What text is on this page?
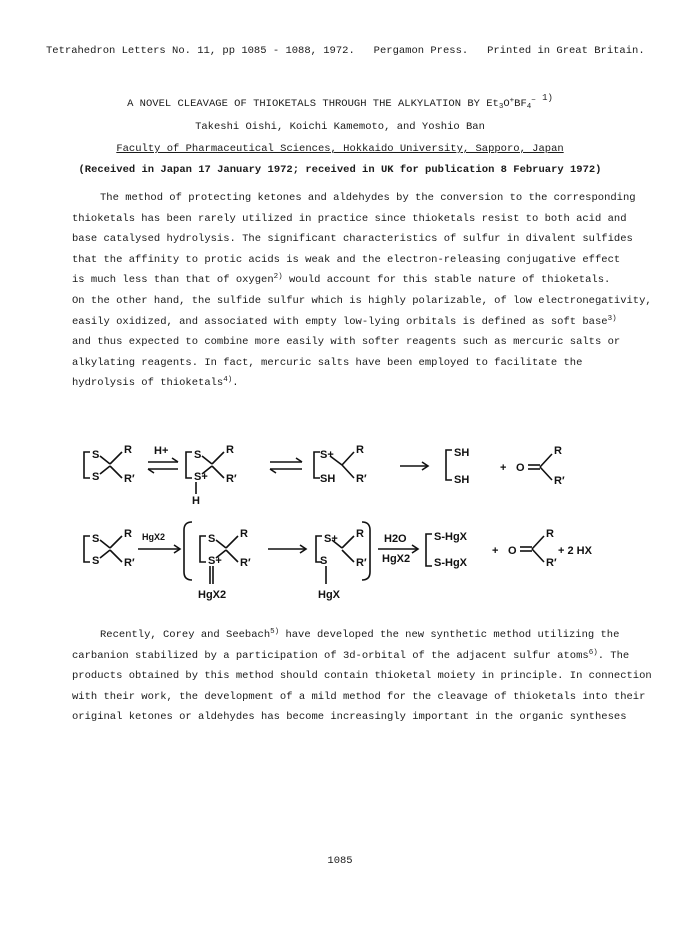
Tetrahedron Letters No. 11, pp 1085 - 1088, 1972. Pergamon Press. Printed in Great Britain.
A NOVEL CLEAVAGE OF THIOKETALS THROUGH THE ALKYLATION BY $Et_3O^+BF_4^-$ $^{1)}$
Takeshi Oishi, Koichi Kamemoto, and Yoshio Ban
Faculty of Pharmaceutical Sciences, Hokkaido University, Sapporo, Japan
(Received in Japan 17 January 1972; received in UK for publication 8 February 1972)
The method of protecting ketones and aldehydes by the conversion to the corresponding
thioketals has been rarely utilized in practice since thioketals resist to both acid and
base catalysed hydrolysis. The significant characteristics of sulfur in divalent sulfides
that the affinity to protic acids is weak and the electron-releasing conjugative effect
is much less than that of oxygen$^{2)}$ would account for this stable nature of thioketals.
On the other hand, the sulfide sulfur which is highly polarizable, of low electronegativity,
easily oxidized, and associated with empty low-lying orbitals is defined as soft base$^{3)}$
and thus expected to combine more easily with softer reagents such as mercuric salts or
alkylating reagents. In fact, mercuric salts have been employed to facilitate the
hydrolysis of thioketals$^{4)}$.
S
S
R
R′
H+ S
S+
R
R′
H
S+
SH
R
R′
SH
SH
+ O
R
R′
S
S
R
R′
HgX2	S
S+
R
R′
HgX2
S+
S
R
R′
HgX
H2O
HgX2
S-HgX
S-HgX
+ O
R
R′
+ 2 HX
Recently, Corey and Seebach$^{5)}$ have developed the new synthetic method utilizing the
carbanion stabilized by a participation of 3d-orbital of the adjacent sulfur atoms$^{6)}$. The
products obtained by this method should contain thioketal moiety in principle. In connection
with their work, the development of a mild method for the cleavage of thioketals into their
original ketones or aldehydes has become increasingly important in the organic syntheses
1085
